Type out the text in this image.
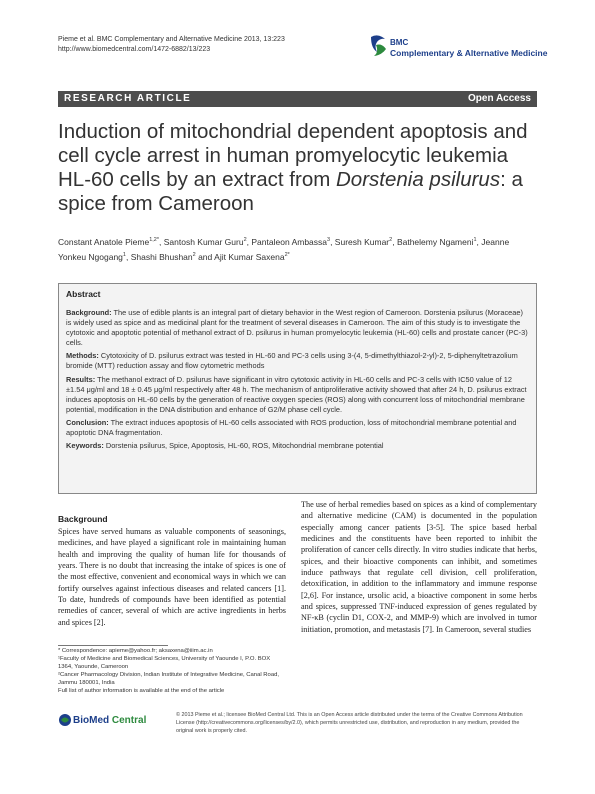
Pieme et al. BMC Complementary and Alternative Medicine 2013, 13:223
http://www.biomedcentral.com/1472-6882/13/223
BMC
Complementary & Alternative Medicine
RESEARCH ARTICLE	Open Access
Induction of mitochondrial dependent apoptosis and cell cycle arrest in human promyelocytic leukemia HL-60 cells by an extract from Dorstenia psilurus: a spice from Cameroon
Constant Anatole Pieme$^{1,2*}$, Santosh Kumar Guru$^2$, Pantaleon Ambassa$^3$, Suresh Kumar$^2$, Bathelemy Ngameni$^1$, Jeanne Yonkeu Ngogang$^1$, Shashi Bhushan$^2$ and Ajit Kumar Saxena$^{2*}$
Abstract

Background: The use of edible plants is an integral part of dietary behavior in the West region of Cameroon. Dorstenia psilurus (Moraceae) is widely used as spice and as medicinal plant for the treatment of several diseases in Cameroon. The aim of this study is to investigate the cytotoxic and apoptotic potential of methanol extract of D. psilurus in human promyelocytic leukemia (HL-60) cells and prostate cancer (PC-3) cells.

Methods: Cytotoxicity of D. psilurus extract was tested in HL-60 and PC-3 cells using 3-(4, 5-dimethylthiazol-2-yl)-2, 5-diphenyltetrazolium bromide (MTT) reduction assay and flow cytometric methods

Results: The methanol extract of D. psilurus have significant in vitro cytotoxic activity in HL-60 cells and PC-3 cells with IC50 value of 12 ±1.54 μg/ml and 18 ± 0.45 μg/ml respectively after 48 h. The mechanism of antiproliferative activity showed that after 24 h, D. psilurus extract induces apoptosis on HL-60 cells by the generation of reactive oxygen species (ROS) along with concurrent loss of mitochondrial membrane potential, modification in the DNA distribution and enhance of G2/M phase cell cycle.

Conclusion: The extract induces apoptosis of HL-60 cells associated with ROS production, loss of mitochondrial membrane potential and apoptotic DNA fragmentation.

Keywords: Dorstenia psilurus, Spice, Apoptosis, HL-60, ROS, Mitochondrial membrane potential

Background

Spices have served humans as valuable components of seasonings, medicines, and have played a significant role in maintaining human health and improving the quality of human life for thousands of years. There is no doubt that increasing the intake of spices is one of the most effective, convenient and economical ways in which we can fortify ourselves against infectious diseases and related cancers [1]. To date, hundreds of compounds have been identified as potential remedies of cancer, several of which are active ingredients in herbs and spices [2].

The use of herbal remedies based on spices as a kind of complementary and alternative medicine (CAM) is documented in the population especially among cancer patients [3-5]. The spice based herbal medicines and the constituents have been reported to inhibit the proliferation of cancer cells directly. In vitro studies indicate that herbs, spices, and their bioactive components can inhibit, and sometimes induce pathways that regulate cell division, cell proliferation, detoxification, in addition to the inflammatory and immune response [2,6]. For instance, ursolic acid, a bioactive component in some herbs and spices, suppressed TNF-induced expression of genes regulated by NF-κB (cyclin D1, COX-2, and MMP-9) which are involved in tumor initiation, promotion, and metastasis [7]. In Cameroon, several studies

* Correspondence: apieme@yahoo.fr; aksaxena@iiim.ac.in
¹Faculty of Medicine and Biomedical Sciences, University of Yaounde I, P.O. BOX 1364, Yaounde, Cameroon
²Cancer Pharmacology Division, Indian Institute of Integrative Medicine, Canal Road, Jammu 180001, India
Full list of author information is available at the end of the article
BioMed Central	© 2013 Pieme et al.; licensee BioMed Central Ltd. This is an Open Access article distributed under the terms of the Creative Commons Attribution License (http://creativecommons.org/licenses/by/2.0), which permits unrestricted use, distribution, and reproduction in any medium, provided the original work is properly cited.
